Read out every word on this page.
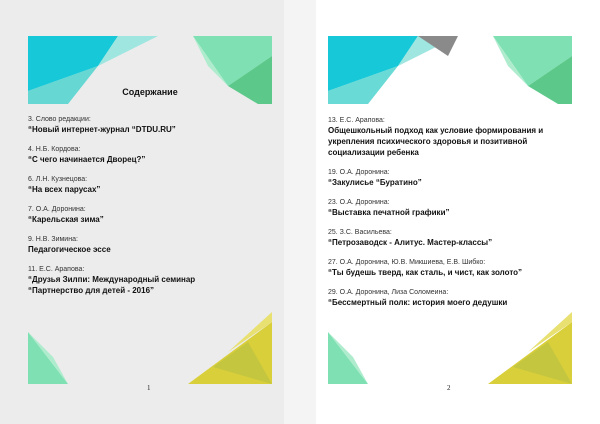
Содержание
3. Слово редакции:
“Новый интернет-журнал “DTDU.RU”
4. Н.Б. Кордова:
“С чего начинается Дворец?”
6. Л.Н. Кузнецова:
“На всех парусах”
7. О.А. Доронина:
“Карельская зима”
9. Н.В. Зимина:
Педагогическое эссе
11. Е.С. Арапова:
“Друзья Зилпи: Международный семинар
“Партнерство для детей - 2016”
1
13. Е.С. Арапова:
Общешкольный подход как условие формирования и
укрепления психического здоровья и позитивной
социализации ребенка
19. О.А. Доронина:
“Закулисье “Буратино”
23. О.А. Доронина:
“Выставка печатной графики”
25. З.С. Васильева:
“Петрозаводск - Алитус. Мастер-классы”
27. О.А. Доронина, Ю.В. Микшиева, Е.В. Шибко:
“Ты будешь тверд, как сталь, и чист, как золото”
29. О.А. Доронина, Лиза Соломеина:
“Бессмертный полк: история моего дедушки
2
